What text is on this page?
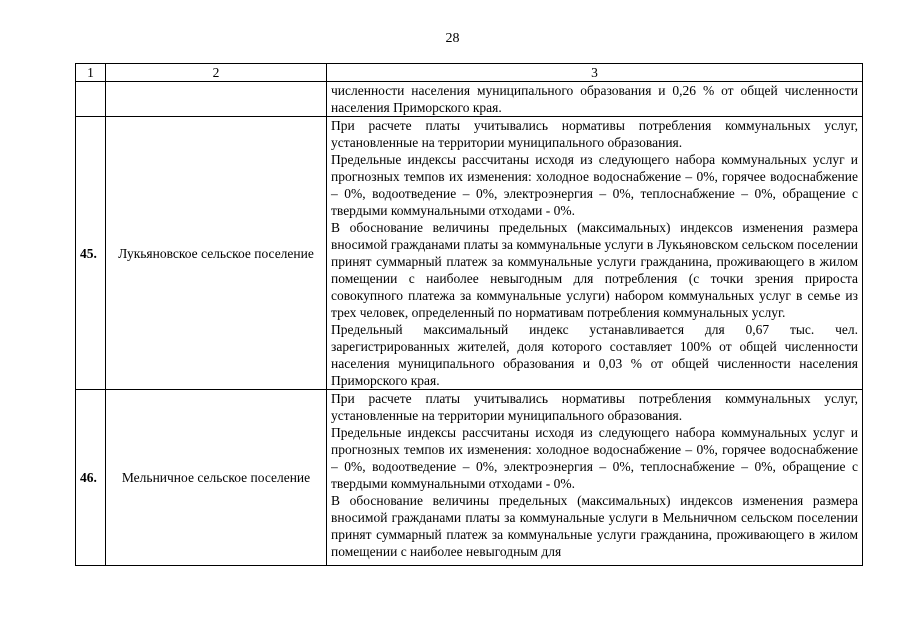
28
1	2	3

		численности населения муниципального образования и 0,26 % от общей численности населения Приморского края.

45.	Лукьяновское сельское поселение	При расчете платы учитывались нормативы потребления коммунальных услуг, установленные на территории муниципального образования.

Предельные индексы рассчитаны исходя из следующего набора коммунальных услуг и прогнозных темпов их изменения: холодное водоснабжение – 0%, горячее водоснабжение – 0%, водоотведение – 0%, электроэнергия – 0%, теплоснабжение – 0%, обращение с твердыми коммунальными отходами - 0%.

В обоснование величины предельных (максимальных) индексов изменения размера вносимой гражданами платы за коммунальные услуги в Лукьяновском сельском поселении принят суммарный платеж за коммунальные услуги гражданина, проживающего в жилом помещении с наиболее невыгодным для потребления (с точки зрения прироста совокупного платежа за коммунальные услуги) набором коммунальных услуг в семье из трех человек, определенный по нормативам потребления коммунальных услуг.

Предельный максимальный индекс устанавливается для 0,67 тыс. чел. зарегистрированных жителей, доля которого составляет 100% от общей численности населения муниципального образования и 0,03 % от общей численности населения Приморского края.

46.	Мельничное сельское поселение	При расчете платы учитывались нормативы потребления коммунальных услуг, установленные на территории муниципального образования.

Предельные индексы рассчитаны исходя из следующего набора коммунальных услуг и прогнозных темпов их изменения: холодное водоснабжение – 0%, горячее водоснабжение – 0%, водоотведение – 0%, электроэнергия – 0%, теплоснабжение – 0%, обращение с твердыми коммунальными отходами - 0%.

В обоснование величины предельных (максимальных) индексов изменения размера вносимой гражданами платы за коммунальные услуги в Мельничном сельском поселении принят суммарный платеж за коммунальные услуги гражданина, проживающего в жилом помещении с наиболее невыгодным для
